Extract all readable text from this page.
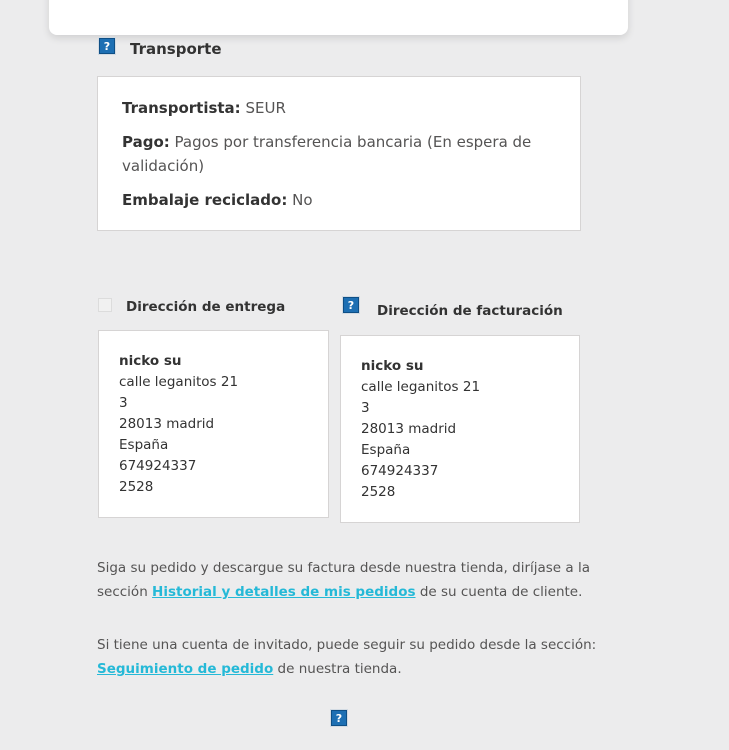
?	Transporte
Transportista: SEUR
Pago: Pagos por transferencia bancaria (En espera de validación)
Embalaje reciclado: No
Dirección de entrega
nicko su
calle leganitos 21
3
28013 madrid
España
674924337
2528
?	Dirección de facturación
nicko su
calle leganitos 21
3
28013 madrid
España
674924337
2528
Siga su pedido y descargue su factura desde nuestra tienda, diríjase a la sección Historial y detalles de mis pedidos de su cuenta de cliente.
Si tiene una cuenta de invitado, puede seguir su pedido desde la sección: Seguimiento de pedido de nuestra tienda.
?
